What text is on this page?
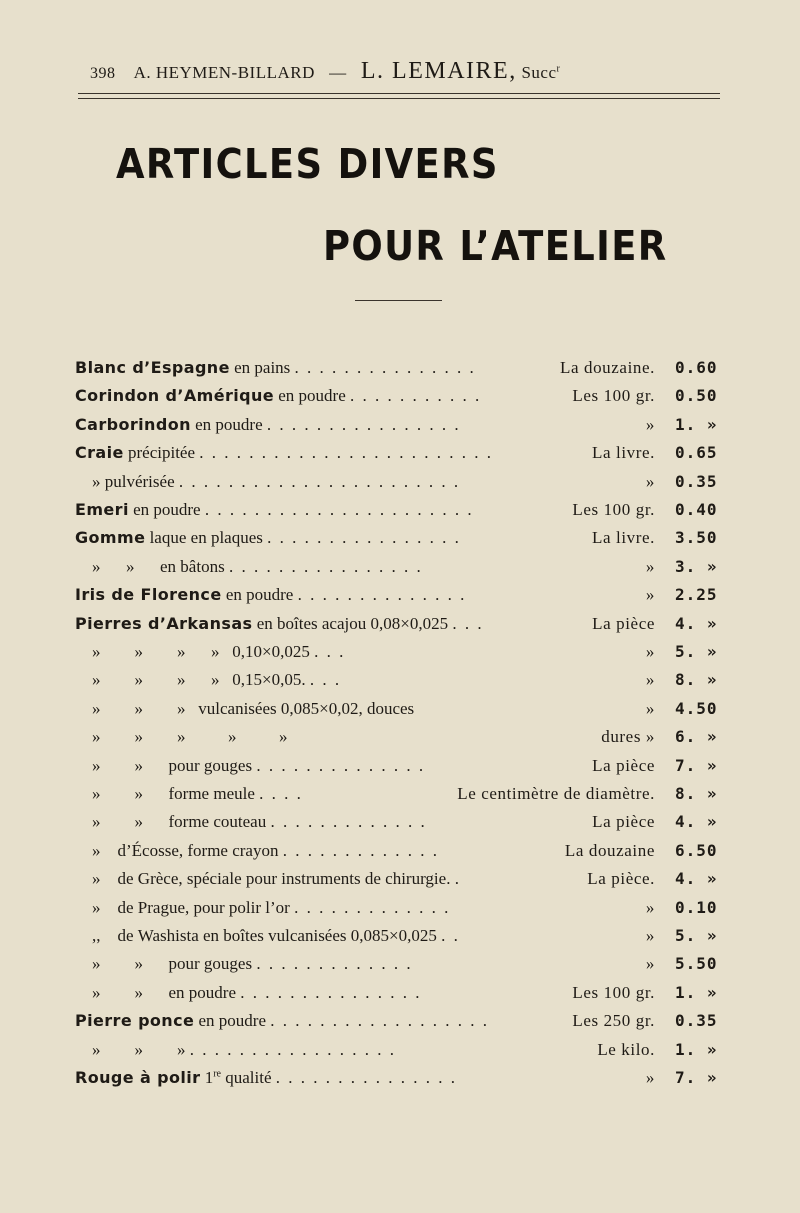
398 A. HEYMEN-BILLARD — L. LEMAIRE, Succ$^r$
ARTICLES DIVERS
POUR L’ATELIER
Blanc d’Espagne en pains . . . . . . . . . . . . . . .	La douzaine. 0.60
Corindon d’Amérique en poudre . . . . . . . . . . .	Les 100 gr. 0.50
Carborindon en poudre . . . . . . . . . . . . . . . .	» 1. »
Craie précipitée . . . . . . . . . . . . . . . . . . . . . . . .	La livre. 0.65
» pulvérisée . . . . . . . . . . . . . . . . . . . . . . .	» 0.35
Emeri en poudre . . . . . . . . . . . . . . . . . . . . . .	Les 100 gr. 0.40
Gomme laque en plaques . . . . . . . . . . . . . . . .	La livre. 3.50
»      »      en bâtons . . . . . . . . . . . . . . . .	» 3. »
Iris de Florence en poudre . . . . . . . . . . . . . .	» 2.25
Pierres d’Arkansas en boîtes acajou 0,08×0,025 . . .	La pièce 4. »
»        »        »      »   0,10×0,025 . . .	» 5. »
»        »        »      »   0,15×0,05. . . .	» 8. »
»        »        »   vulcanisées 0,085×0,02, douces	» 4.50
»        »        »          »          »	dures » 6. »
»        »      pour gouges . . . . . . . . . . . . . .	La pièce 7. »
»        »      forme meule . . . .	Le centimètre de diamètre. 8. »
»        »      forme couteau . . . . . . . . . . . . .	La pièce 4. »
»    d’Écosse, forme crayon . . . . . . . . . . . . .	La douzaine 6.50
»    de Grèce, spéciale pour instruments de chirurgie. .	La pièce. 4. »
»    de Prague, pour polir l’or . . . . . . . . . . . . .	» 0.10
,,    de Washista en boîtes vulcanisées 0,085×0,025 . .	» 5. »
»        »      pour gouges . . . . . . . . . . . . .	» 5.50
»        »      en poudre . . . . . . . . . . . . . . .	Les 100 gr. 1. »
Pierre ponce en poudre . . . . . . . . . . . . . . . . . .	Les 250 gr. 0.35
»        »        » . . . . . . . . . . . . . . . . .	Le kilo. 1. »
Rouge à polir 1re qualité . . . . . . . . . . . . . . .	» 7. »
